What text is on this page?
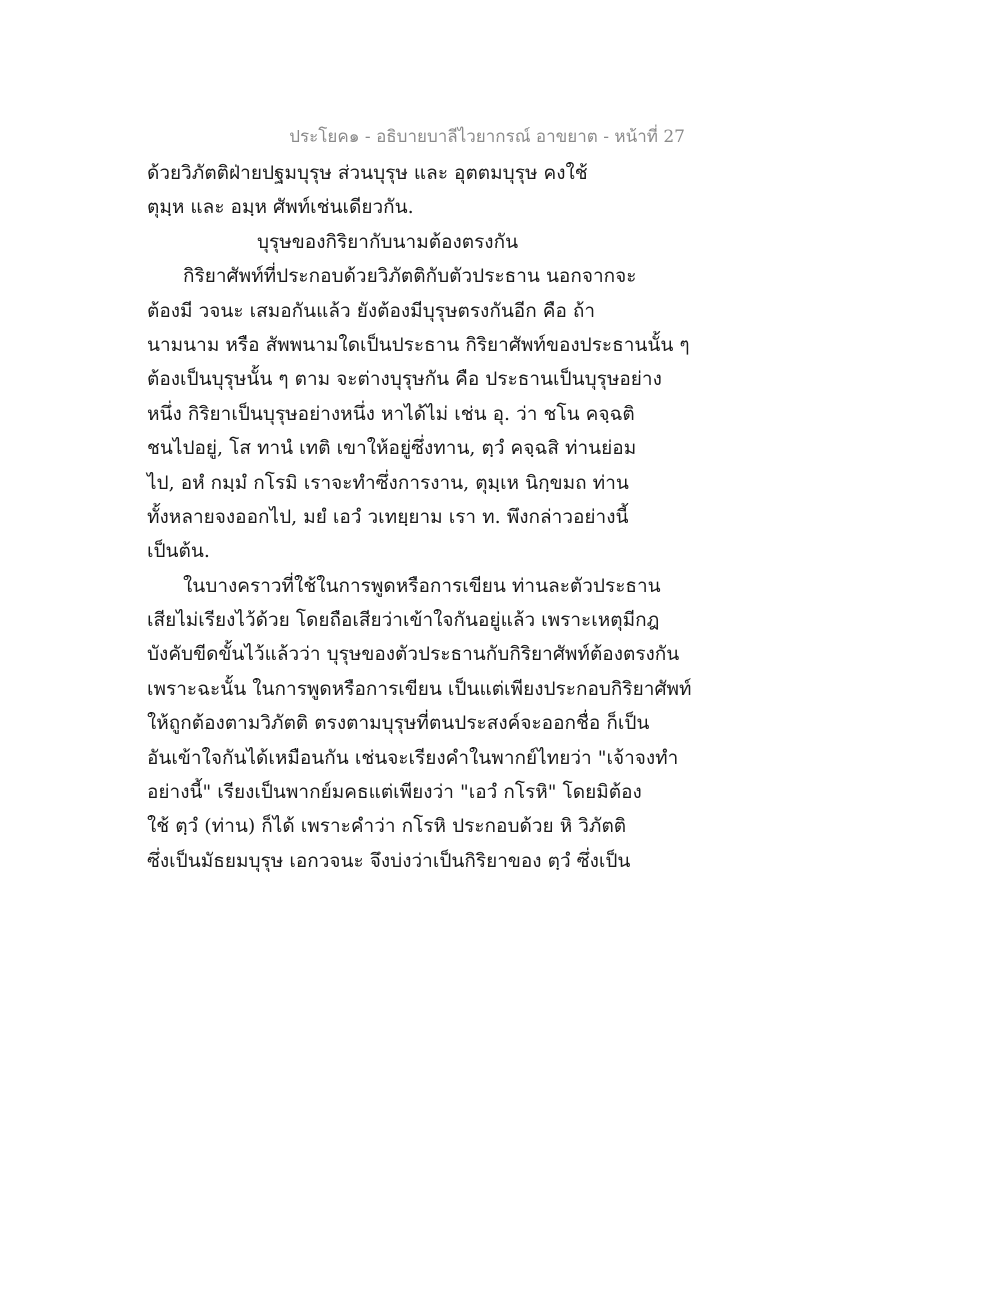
ประโยค๑ - อธิบายบาลีไวยากรณ์ อาขยาต - หน้าที่ 27
ด้วยวิภัตติฝ่ายปฐมบุรุษ ส่วนบุรุษ และ อุตตมบุรุษ คงใช้
ตุมฺห และ อมฺห ศัพท์เช่นเดียวกัน.
บุรุษของกิริยากับนามต้องตรงกัน
กิริยาศัพท์ที่ประกอบด้วยวิภัตติกับตัวประธาน นอกจากจะ
ต้องมี วจนะ เสมอกันแล้ว ยังต้องมีบุรุษตรงกันอีก คือ ถ้า
นามนาม หรือ สัพพนามใดเป็นประธาน กิริยาศัพท์ของประธานนั้น ๆ
ต้องเป็นบุรุษนั้น ๆ ตาม จะต่างบุรุษกัน คือ ประธานเป็นบุรุษอย่าง
หนึ่ง กิริยาเป็นบุรุษอย่างหนึ่ง หาได้ไม่ เช่น อุ. ว่า ชโน คจฺฉติ
ชนไปอยู่, โส ทานํ เทติ เขาให้อยู่ซึ่งทาน, ตฺวํ คจฺฉสิ ท่านย่อม
ไป, อหํ กมฺมํ กโรมิ เราจะทำซึ่งการงาน, ตุมฺเห นิกฺขมถ ท่าน
ทั้งหลายจงออกไป, มยํ เอวํ วเทยฺยาม เรา ท. พึงกล่าวอย่างนี้
เป็นต้น.
ในบางคราวที่ใช้ในการพูดหรือการเขียน ท่านละตัวประธาน
เสียไม่เรียงไว้ด้วย โดยถือเสียว่าเข้าใจกันอยู่แล้ว เพราะเหตุมีกฎ
บังคับขีดขั้นไว้แล้วว่า บุรุษของตัวประธานกับกิริยาศัพท์ต้องตรงกัน
เพราะฉะนั้น ในการพูดหรือการเขียน เป็นแต่เพียงประกอบกิริยาศัพท์
ให้ถูกต้องตามวิภัตติ ตรงตามบุรุษที่ตนประสงค์จะออกชื่อ ก็เป็น
อันเข้าใจกันได้เหมือนกัน เช่นจะเรียงคำในพากย์ไทยว่า "เจ้าจงทำ
อย่างนี้" เรียงเป็นพากย์มคธแต่เพียงว่า "เอวํ กโรหิ" โดยมิต้อง
ใช้ ตฺวํ (ท่าน) ก็ได้ เพราะคำว่า กโรหิ ประกอบด้วย หิ วิภัตติ
ซึ่งเป็นมัธยมบุรุษ เอกวจนะ จึงบ่งว่าเป็นกิริยาของ ตฺวํ ซึ่งเป็น
